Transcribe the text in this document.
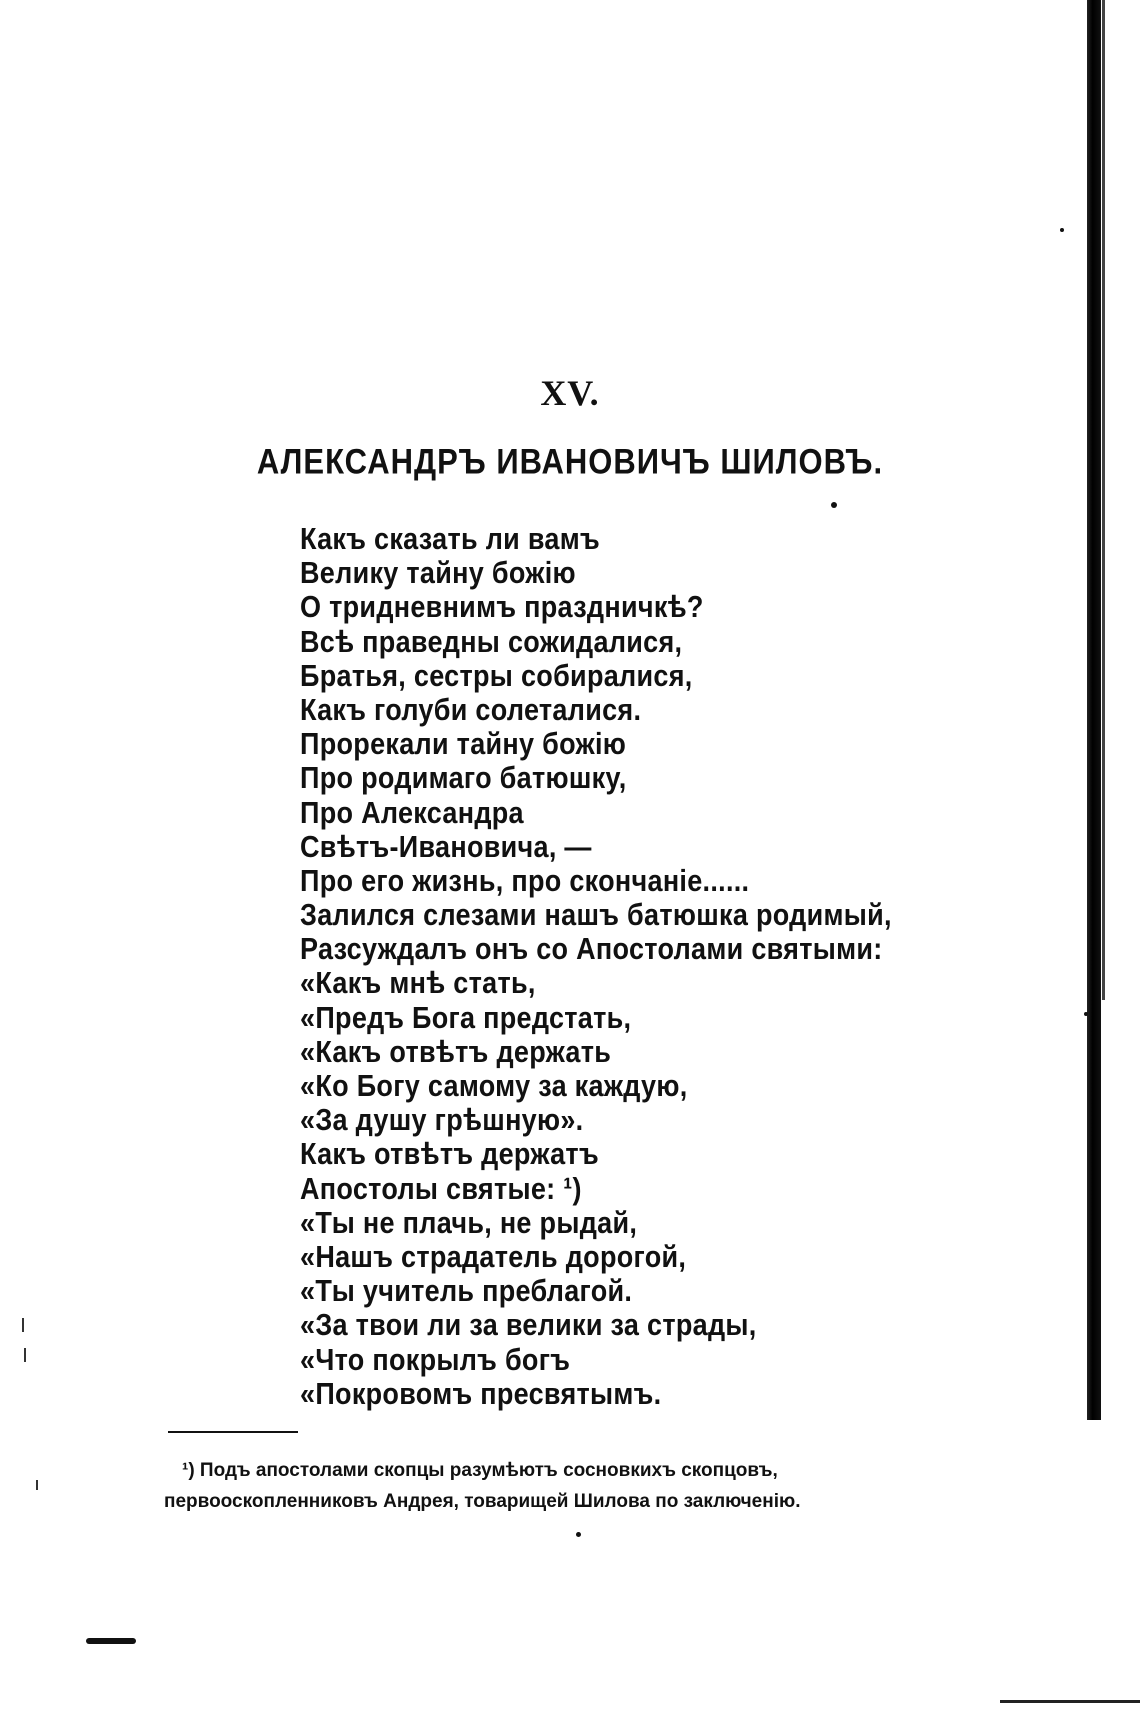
XV.
АЛЕКСАНДРЪ ИВАНОВИЧЪ ШИЛОВЪ.
Какъ сказать ли вамъ
Велику тайну божію
О тридневнимъ праздничкѣ?
Всѣ праведны сожидалися,
Братья, сестры собиралися,
Какъ голуби солеталися.
Прорекали тайну божію
Про родимаго батюшку,
Про Александра
Свѣтъ-Ивановича, —
Про его жизнь, про скончаніе......
Залился слезами нашъ батюшка родимый,
Разсуждалъ онъ со Апостолами святыми:
«Какъ мнѣ стать,
«Предъ Бога предстать,
«Какъ отвѣтъ держать
«Ко Богу самому за каждую,
«За душу грѣшную».
Какъ отвѣтъ держатъ
Апостолы святые: ¹)
«Ты не плачь, не рыдай,
«Нашъ страдатель дорогой,
«Ты учитель преблагой.
«За твои ли за велики за страды,
«Что покрылъ богъ
«Покровомъ пресвятымъ.
¹) Подъ апостолами скопцы разумѣютъ сосновкихъ скопцовъ,
первооскопленниковъ Андрея, товарищей Шилова по заключенію.
